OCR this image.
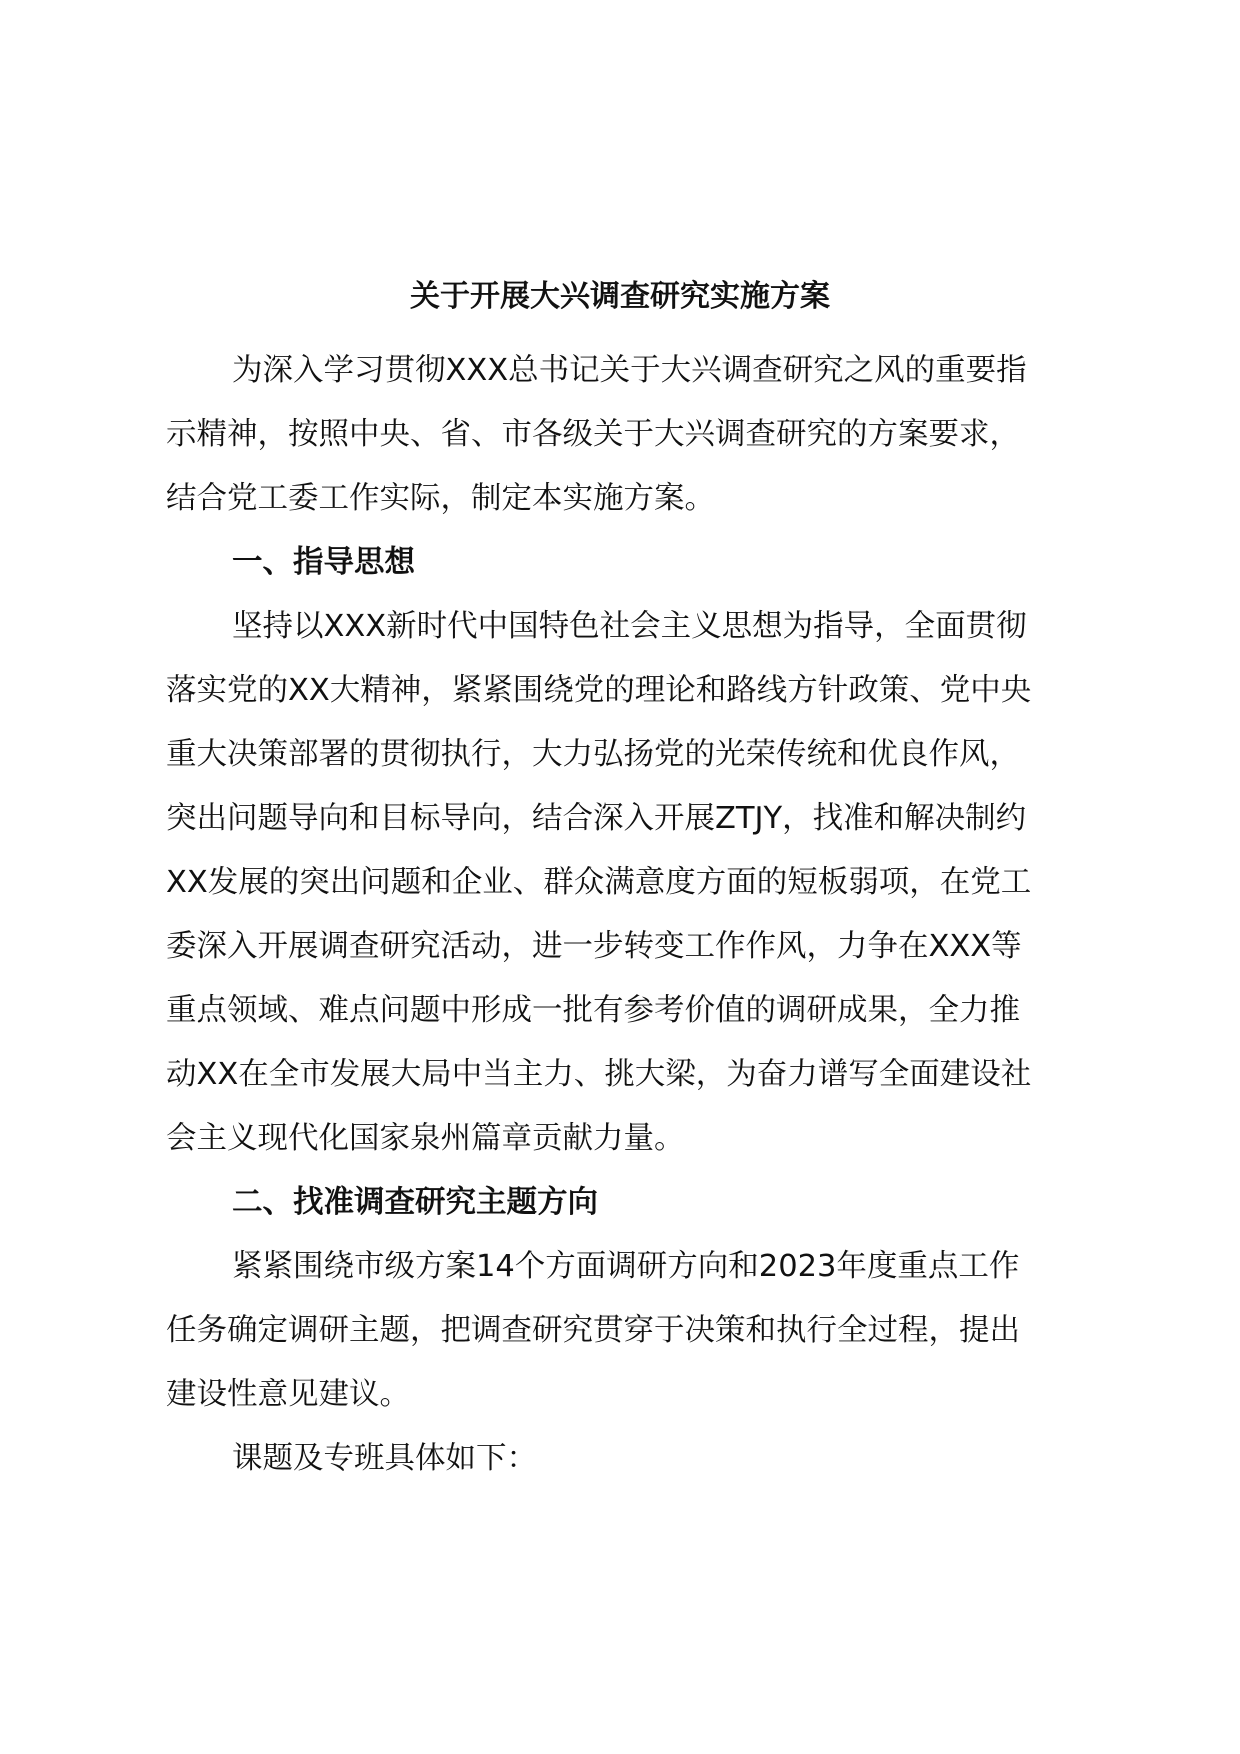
关于开展大兴调查研究实施方案
为深入学习贯彻XXX总书记关于大兴调查研究之风的重要指
示精神，按照中央、省、市各级关于大兴调查研究的方案要求，
结合党工委工作实际，制定本实施方案。
一、指导思想
坚持以XXX新时代中国特色社会主义思想为指导，全面贯彻
落实党的XX大精神，紧紧围绕党的理论和路线方针政策、党中央
重大决策部署的贯彻执行，大力弘扬党的光荣传统和优良作风，
突出问题导向和目标导向，结合深入开展ZTJY，找准和解决制约
XX发展的突出问题和企业、群众满意度方面的短板弱项，在党工
委深入开展调查研究活动，进一步转变工作作风，力争在XXX等
重点领域、难点问题中形成一批有参考价值的调研成果，全力推
动XX在全市发展大局中当主力、挑大梁，为奋力谱写全面建设社
会主义现代化国家泉州篇章贡献力量。
二、找准调查研究主题方向
紧紧围绕市级方案14个方面调研方向和2023年度重点工作
任务确定调研主题，把调查研究贯穿于决策和执行全过程，提出
建设性意见建议。
课题及专班具体如下：
